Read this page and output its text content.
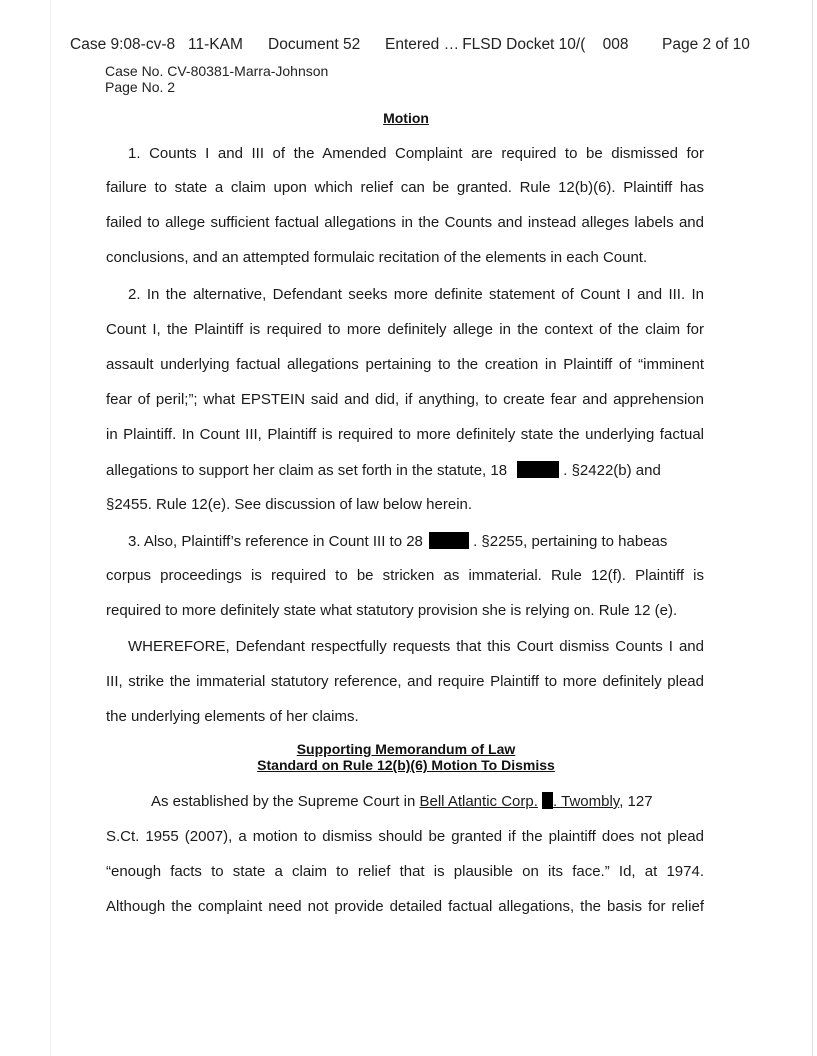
Case 9:08-cv-8   11-KAM Document 52 Entered … FLSD Docket 10/(    008 Page 2 of 10
Case No. CV-80381-Marra-Johnson
Page No. 2
Motion
1. Counts I and III of the Amended Complaint are required to be dismissed for
failure to state a claim upon which relief can be granted. Rule 12(b)(6). Plaintiff has
failed to allege sufficient factual allegations in the Counts and instead alleges labels and
conclusions, and an attempted formulaic recitation of the elements in each Count.
2. In the alternative, Defendant seeks more definite statement of Count I and III. In
Count I, the Plaintiff is required to more definitely allege in the context of the claim for
assault underlying factual allegations pertaining to the creation in Plaintiff of “imminent
fear of peril;”; what EPSTEIN said and did, if anything, to create fear and apprehension
in Plaintiff. In Count III, Plaintiff is required to more definitely state the underlying factual
allegations to support her claim as set forth in the statute, 18	. §2422(b) and
§2455. Rule 12(e). See discussion of law below herein.
3. Also, Plaintiff’s reference in Count III to 28	. §2255, pertaining to habeas
corpus proceedings is required to be stricken as immaterial. Rule 12(f). Plaintiff is
required to more definitely state what statutory provision she is relying on. Rule 12 (e).
WHEREFORE, Defendant respectfully requests that this Court dismiss Counts I and
III, strike the immaterial statutory reference, and require Plaintiff to more definitely plead
the underlying elements of her claims.
Supporting Memorandum of Law
Standard on Rule 12(b)(6) Motion To Dismiss
As established by the Supreme Court in Bell Atlantic Corp. . Twombly, 127
S.Ct. 1955 (2007), a motion to dismiss should be granted if the plaintiff does not plead
“enough facts to state a claim to relief that is plausible on its face.” Id, at 1974.
Although the complaint need not provide detailed factual allegations, the basis for relief
